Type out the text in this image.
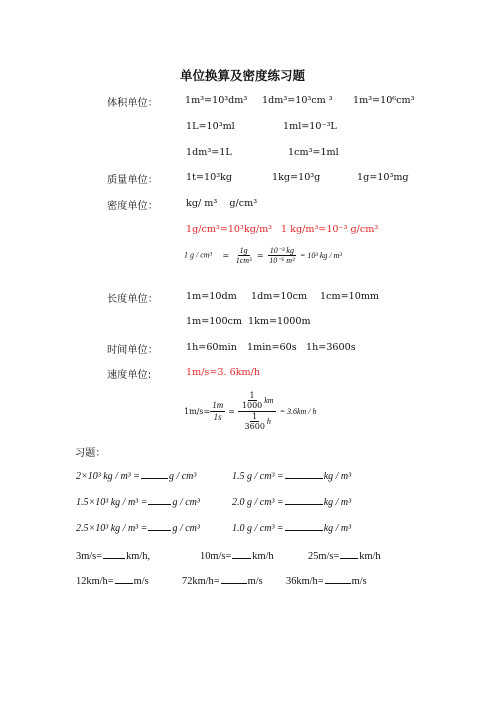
单位换算及密度练习题
体积单位：	1m³=10³dm³ 1dm³=10³cm ³ 1m³=10⁶cm³
1L=10³ml	1ml=10⁻³L
1dm³=1L	1cm³=1ml
质量单位：	1t=10³kg	1kg=10³g	1g=10³mg
密度单位：	kg/ m³    g/cm³
1g/cm³=10³kg/m³ 1 kg/m³=10⁻³ g/cm³
1 $g / cm^3 = \frac{1g}{\text{1cm³}} = \frac{\text{10⁻³ kg}}{\text{10⁻⁶ m³}} = 10^3$ kg / m³
长度单位：	1m=10dm 1dm=10cm 1cm=10mm
1m=100cm 1km=1000m
时间单位：	1h=60min 1min=60s 1h=3600s
速度单位:	1m/s=3. 6km/h
$1m/s= \frac{1m}{1s} = \frac{\frac{1}{1000} km}{\frac{1}{3600} h} = 3.6km / h$
习题：
2×10³ kg / m³ =	g / cm³	1.5 g / cm³ =	kg / m³
1.5×10³ kg / m³ =	g / cm³	2.0 g / cm³ =	kg / m³
2.5×10³ kg / m³ =	g / cm³	1.0 g / cm³ =	kg / m³
3m/s= km/h,	10m/s= km/h	25m/s= km/h
12km/h= m/s	72km/h=	m/s 36km/h=	m/s
